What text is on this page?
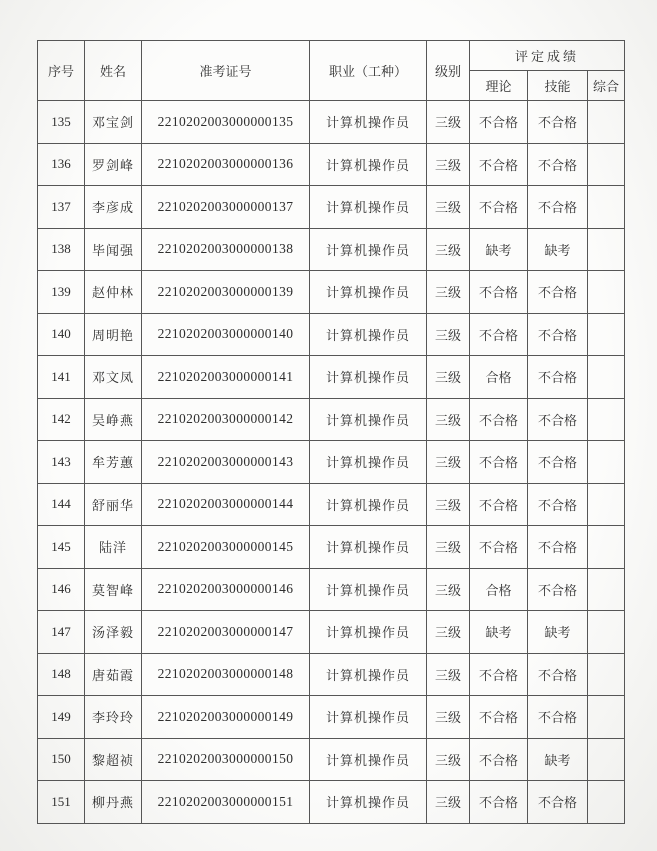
序号	姓名	准考证号	职业（工种）	级别	评定成绩		
					理论	技能	综合
135	邓宝剑	2210202003000000135	计算机操作员	三级	不合格	不合格	
136	罗剑峰	2210202003000000136	计算机操作员	三级	不合格	不合格	
137	李彦成	2210202003000000137	计算机操作员	三级	不合格	不合格	
138	毕闻强	2210202003000000138	计算机操作员	三级	缺考	缺考	
139	赵仲林	2210202003000000139	计算机操作员	三级	不合格	不合格	
140	周明艳	2210202003000000140	计算机操作员	三级	不合格	不合格	
141	邓文凤	2210202003000000141	计算机操作员	三级	合格	不合格	
142	吴峥燕	2210202003000000142	计算机操作员	三级	不合格	不合格	
143	牟芳蕙	2210202003000000143	计算机操作员	三级	不合格	不合格	
144	舒丽华	2210202003000000144	计算机操作员	三级	不合格	不合格	
145	陆洋	2210202003000000145	计算机操作员	三级	不合格	不合格	
146	莫智峰	2210202003000000146	计算机操作员	三级	合格	不合格	
147	汤泽毅	2210202003000000147	计算机操作员	三级	缺考	缺考	
148	唐茹霞	2210202003000000148	计算机操作员	三级	不合格	不合格	
149	李玲玲	2210202003000000149	计算机操作员	三级	不合格	不合格	
150	黎超祯	2210202003000000150	计算机操作员	三级	不合格	缺考	
151	柳丹燕	2210202003000000151	计算机操作员	三级	不合格	不合格	
